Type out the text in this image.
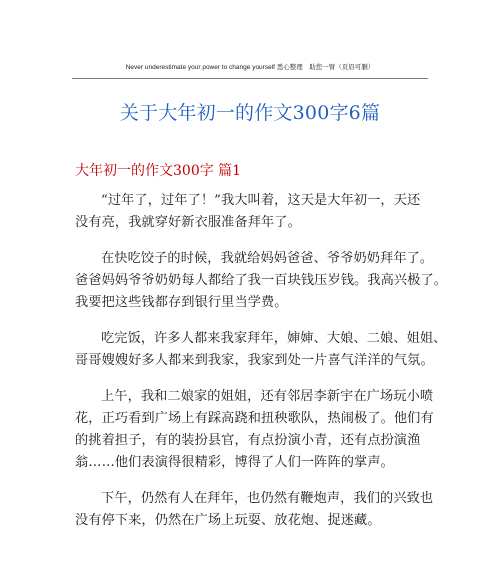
Never underestimate your power to change yourself 悉心整理　助您一臂（页眉可删）
关于大年初一的作文300字6篇
大年初一的作文300字 篇1
“过年了，过年了！”我大叫着，这天是大年初一，天还
没有亮，我就穿好新衣服准备拜年了。
在快吃饺子的时候，我就给妈妈爸爸、爷爷奶奶拜年了。
爸爸妈妈爷爷奶奶每人都给了我一百块钱压岁钱。我高兴极了。
我要把这些钱都存到银行里当学费。
吃完饭，许多人都来我家拜年，婶婶、大娘、二娘、姐姐、
哥哥嫂嫂好多人都来到我家，我家到处一片喜气洋洋的气氛。
上午，我和二娘家的姐姐，还有邻居李新宇在广场玩小喷
花，正巧看到广场上有踩高跷和扭秧歌队，热闹极了。他们有
的挑着担子，有的装扮县官，有点扮演小青，还有点扮演渔
翁……他们表演得很精彩，博得了人们一阵阵的掌声。
下午，仍然有人在拜年，也仍然有鞭炮声，我们的兴致也
没有停下来，仍然在广场上玩耍、放花炮、捉迷藏。
